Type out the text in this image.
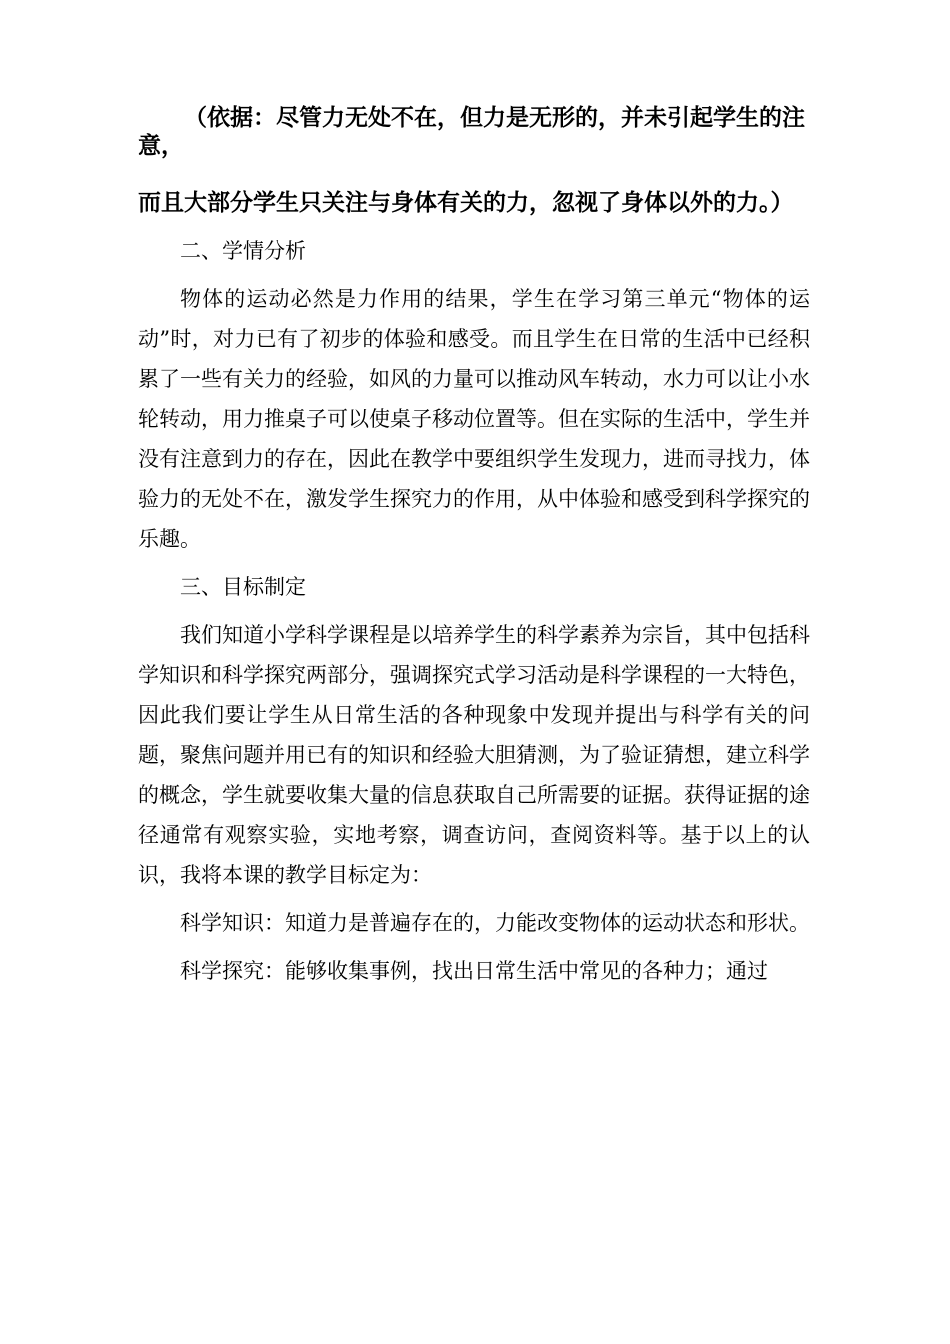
（依据：尽管力无处不在，但力是无形的，并未引起学生的注意，

而且大部分学生只关注与身体有关的力，忽视了身体以外的力。）

二、学情分析

物体的运动必然是力作用的结果，学生在学习第三单元“物体的运动”时，对力已有了初步的体验和感受。而且学生在日常的生活中已经积累了一些有关力的经验，如风的力量可以推动风车转动，水力可以让小水轮转动，用力推桌子可以使桌子移动位置等。但在实际的生活中，学生并没有注意到力的存在，因此在教学中要组织学生发现力，进而寻找力，体验力的无处不在，激发学生探究力的作用，从中体验和感受到科学探究的乐趣。

三、目标制定

我们知道小学科学课程是以培养学生的科学素养为宗旨，其中包括科学知识和科学探究两部分，强调探究式学习活动是科学课程的一大特色，因此我们要让学生从日常生活的各种现象中发现并提出与科学有关的问题，聚焦问题并用已有的知识和经验大胆猜测，为了验证猜想，建立科学的概念，学生就要收集大量的信息获取自己所需要的证据。获得证据的途径通常有观察实验，实地考察，调查访问，查阅资料等。基于以上的认识，我将本课的教学目标定为：

科学知识：知道力是普遍存在的，力能改变物体的运动状态和形状。

科学探究：能够收集事例，找出日常生活中常见的各种力；通过
